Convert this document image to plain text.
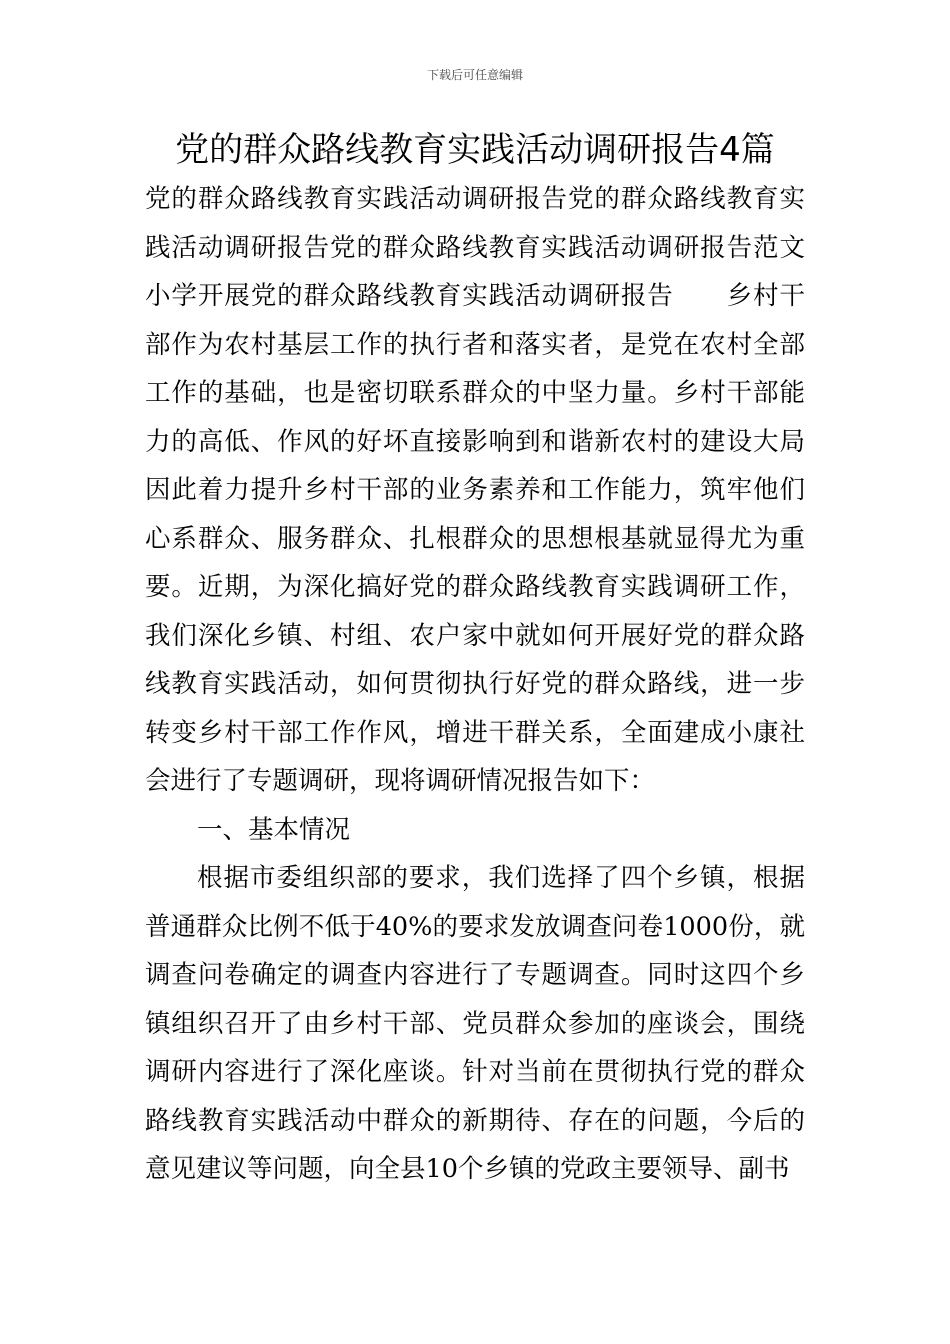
下载后可任意编辑
党的群众路线教育实践活动调研报告4篇

党的群众路线教育实践活动调研报告党的群众路线教育实践活动调研报告党的群众路线教育实践活动调研报告范文小学开展党的群众路线教育实践活动调研报告　　乡村干部作为农村基层工作的执行者和落实者，是党在农村全部工作的基础，也是密切联系群众的中坚力量。乡村干部能力的高低、作风的好坏直接影响到和谐新农村的建设大局因此着力提升乡村干部的业务素养和工作能力，筑牢他们心系群众、服务群众、扎根群众的思想根基就显得尤为重要。近期，为深化搞好党的群众路线教育实践调研工作，我们深化乡镇、村组、农户家中就如何开展好党的群众路线教育实践活动，如何贯彻执行好党的群众路线，进一步转变乡村干部工作作风，增进干群关系，全面建成小康社会进行了专题调研，现将调研情况报告如下：

一、基本情况

根据市委组织部的要求，我们选择了四个乡镇，根据普通群众比例不低于40%的要求发放调查问卷1000份，就调查问卷确定的调查内容进行了专题调查。同时这四个乡镇组织召开了由乡村干部、党员群众参加的座谈会，围绕调研内容进行了深化座谈。针对当前在贯彻执行党的群众路线教育实践活动中群众的新期待、存在的问题，今后的意见建议等问题，向全县10个乡镇的党政主要领导、副书
